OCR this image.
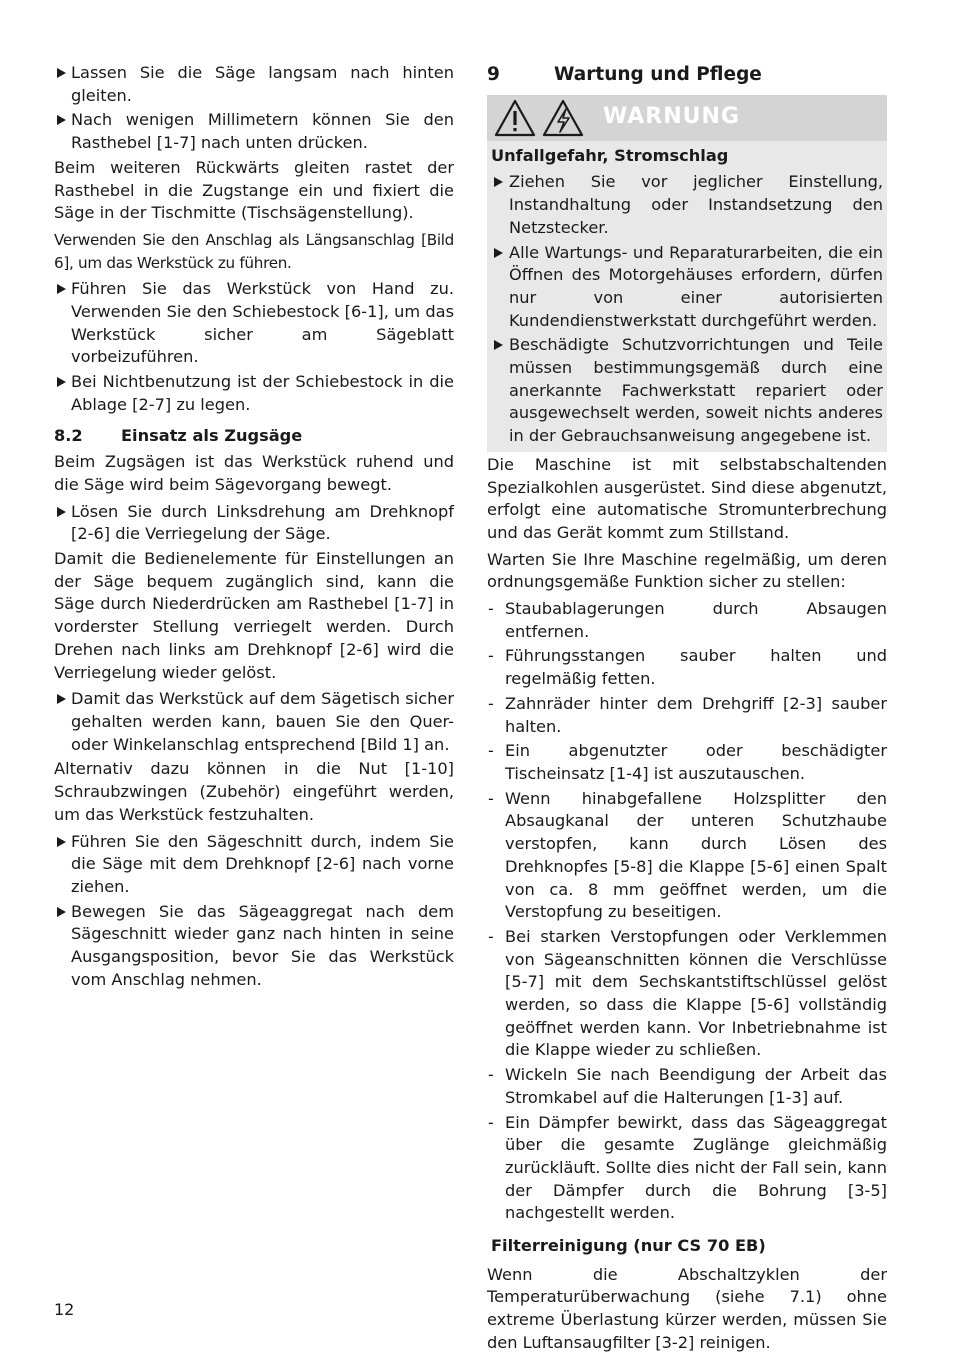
Lassen Sie die Säge langsam nach hinten gleiten.
Nach wenigen Millimetern können Sie den Rasthebel [1-7] nach unten drücken.

Beim weiteren Rückwärts gleiten rastet der Rasthebel in die Zugstange ein und fixiert die Säge in der Tischmitte (Tischsägenstellung).

Verwenden Sie den Anschlag als Längsanschlag [Bild 6], um das Werkstück zu führen.

Führen Sie das Werkstück von Hand zu. Verwenden Sie den Schiebestock [6-1], um das Werkstück sicher am Sägeblatt vorbeizuführen.
Bei Nichtbenutzung ist der Schiebestock in die Ablage [2-7] zu legen.
8.2	Einsatz als Zugsäge

Beim Zugsägen ist das Werkstück ruhend und die Säge wird beim Sägevorgang bewegt.

Lösen Sie durch Linksdrehung am Drehknopf [2-6] die Verriegelung der Säge.

Damit die Bedienelemente für Einstellungen an der Säge bequem zugänglich sind, kann die Säge durch Niederdrücken am Rasthebel [1-7] in vorderster Stellung verriegelt werden. Durch Drehen nach links am Drehknopf [2-6] wird die Verriegelung wieder gelöst.

Damit das Werkstück auf dem Sägetisch sicher gehalten werden kann, bauen Sie den Quer- oder Winkelanschlag entsprechend [Bild 1] an.

Alternativ dazu können in die Nut [1-10] Schraubzwingen (Zubehör) eingeführt werden, um das Werkstück festzuhalten.

Führen Sie den Sägeschnitt durch, indem Sie die Säge mit dem Drehknopf [2-6] nach vorne ziehen.
Bewegen Sie das Sägeaggregat nach dem Sägeschnitt wieder ganz nach hinten in seine Ausgangsposition, bevor Sie das Werkstück vom Anschlag nehmen.
9	Wartung und Pflege
WARNUNG
Unfallgefahr, Stromschlag
Ziehen Sie vor jeglicher Einstellung, Instandhaltung oder Instandsetzung den Netzstecker.
Alle Wartungs- und Reparaturarbeiten, die ein Öffnen des Motorgehäuses erfordern, dürfen nur von einer autorisierten Kundendienstwerkstatt durchgeführt werden.
Beschädigte Schutzvorrichtungen und Teile müssen bestimmungsgemäß durch eine anerkannte Fachwerkstatt repariert oder ausgewechselt werden, soweit nichts anderes in der Gebrauchsanweisung angegebene ist.

Die Maschine ist mit selbstabschaltenden Spezialkohlen ausgerüstet. Sind diese abgenutzt, erfolgt eine automatische Stromunterbrechung und das Gerät kommt zum Stillstand.

Warten Sie Ihre Maschine regelmäßig, um deren ordnungsgemäße Funktion sicher zu stellen:

- Staubablagerungen durch Absaugen entfernen.
- Führungsstangen sauber halten und regelmäßig fetten.
- Zahnräder hinter dem Drehgriff [2-3] sauber halten.
- Ein abgenutzter oder beschädigter Tischeinsatz [1-4] ist auszutauschen.
- Wenn hinabgefallene Holzsplitter den Absaugkanal der unteren Schutzhaube verstopfen, kann durch Lösen des Drehknopfes [5-8] die Klappe [5-6] einen Spalt von ca. 8 mm geöffnet werden, um die Verstopfung zu beseitigen.
- Bei starken Verstopfungen oder Verklemmen von Sägeanschnitten können die Verschlüsse [5-7] mit dem Sechskantstiftschlüssel gelöst werden, so dass die Klappe [5-6] vollständig geöffnet werden kann. Vor Inbetriebnahme ist die Klappe wieder zu schließen.
- Wickeln Sie nach Beendigung der Arbeit das Stromkabel auf die Halterungen [1-3] auf.
- Ein Dämpfer bewirkt, dass das Sägeaggregat über die gesamte Zuglänge gleichmäßig zurückläuft. Sollte dies nicht der Fall sein, kann der Dämpfer durch die Bohrung [3-5] nachgestellt werden.
Filterreinigung (nur CS 70 EB)

Wenn die Abschaltzyklen der Temperaturüberwachung (siehe 7.1) ohne extreme Überlastung kürzer werden, müssen Sie den Luftansaugfilter [3-2] reinigen.

12
